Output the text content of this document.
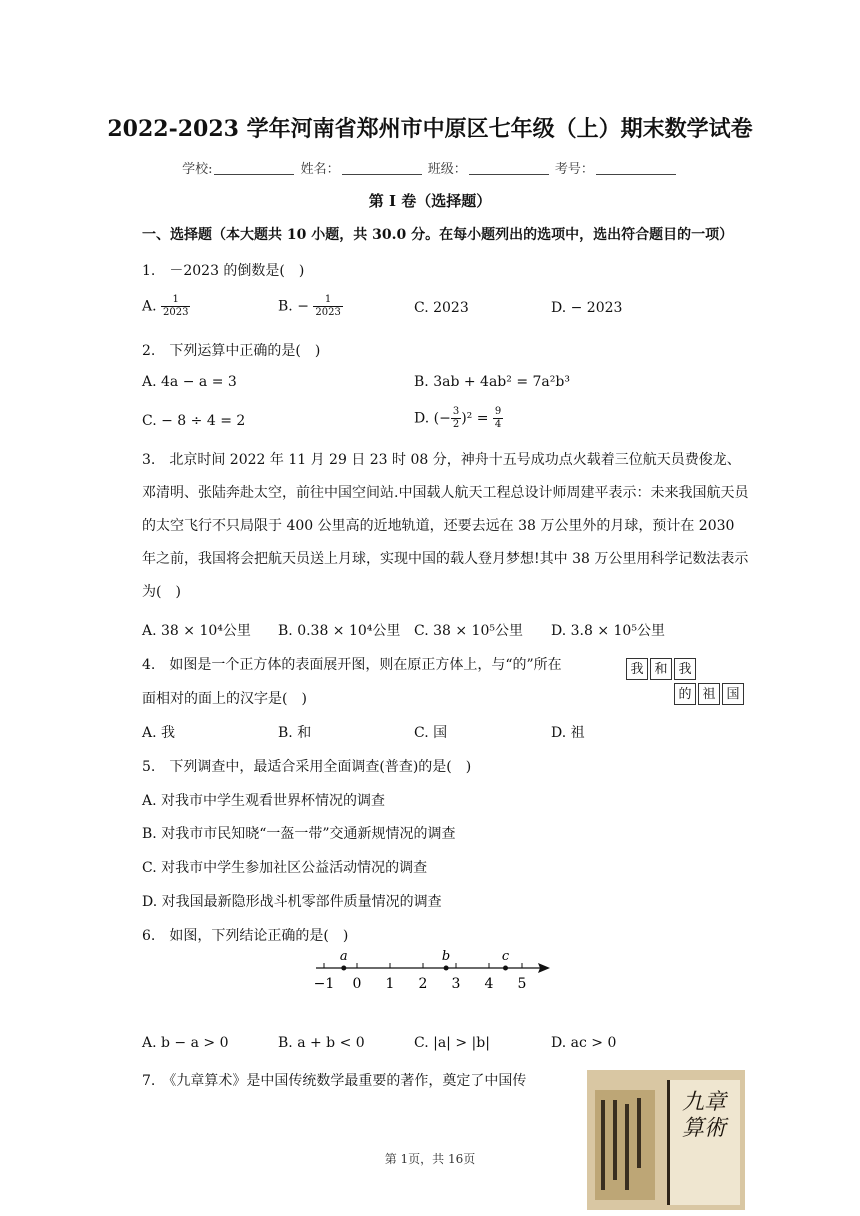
2022-2023 学年河南省郑州市中原区七年级（上）期末数学试卷
学校:	姓名：	班级：	考号：
第 I 卷（选择题）
一、选择题（本大题共 10 小题，共 30.0 分。在每小题列出的选项中，选出符合题目的一项）
1.　－2023 的倒数是(　)
A. $\frac{1}{2023}$	B. − $\frac{1}{2023}$	C. 2023	D. − 2023
2.　下列运算中正确的是(　)
A. 4a − a = 3	B. 3ab + 4ab² = 7a²b³
C. − 8 ÷ 4 = 2	D. (− $\frac{3}{2} )^2 = \frac{9}{4}$
3.　北京时间 2022 年 11 月 29 日 23 时 08 分，神舟十五号成功点火载着三位航天员费俊龙、邓清明、张陆奔赴太空，前往中国空间站.中国载人航天工程总设计师周建平表示：未来我国航天员的太空飞行不只局限于 400 公里高的近地轨道，还要去远在 38 万公里外的月球，预计在 2030 年之前，我国将会把航天员送上月球，实现中国的载人登月梦想!其中 38 万公里用科学记数法表示为(　)
A. 38 × 10⁴公里 B. 0.38 × 10⁴公里 C. 38 × 10⁵公里 D. 3.8 × 10⁵公里
4.　如图是一个正方体的表面展开图，则在原正方体上，与“的”所在
面相对的面上的汉字是(　)
我 和 我
的 祖 国
A. 我	B. 和	C. 国	D. 祖
5.　下列调查中，最适合采用全面调查(普查)的是(　)
A. 对我市中学生观看世界杯情况的调查
B. 对我市市民知晓“一盔一带”交通新规情况的调查
C. 对我市中学生参加社区公益活动情况的调查
D. 对我国最新隐形战斗机零部件质量情况的调查
6.　如图，下列结论正确的是(　)
−1 0 1 2 3 4 5
a	b	c
A. b − a > 0	B. a + b < 0	C. |a| > |b|	D. ac > 0
7.　《九章算术》是中国传统数学最重要的著作，奠定了中国传
九章算術
第 1页，共 16页
